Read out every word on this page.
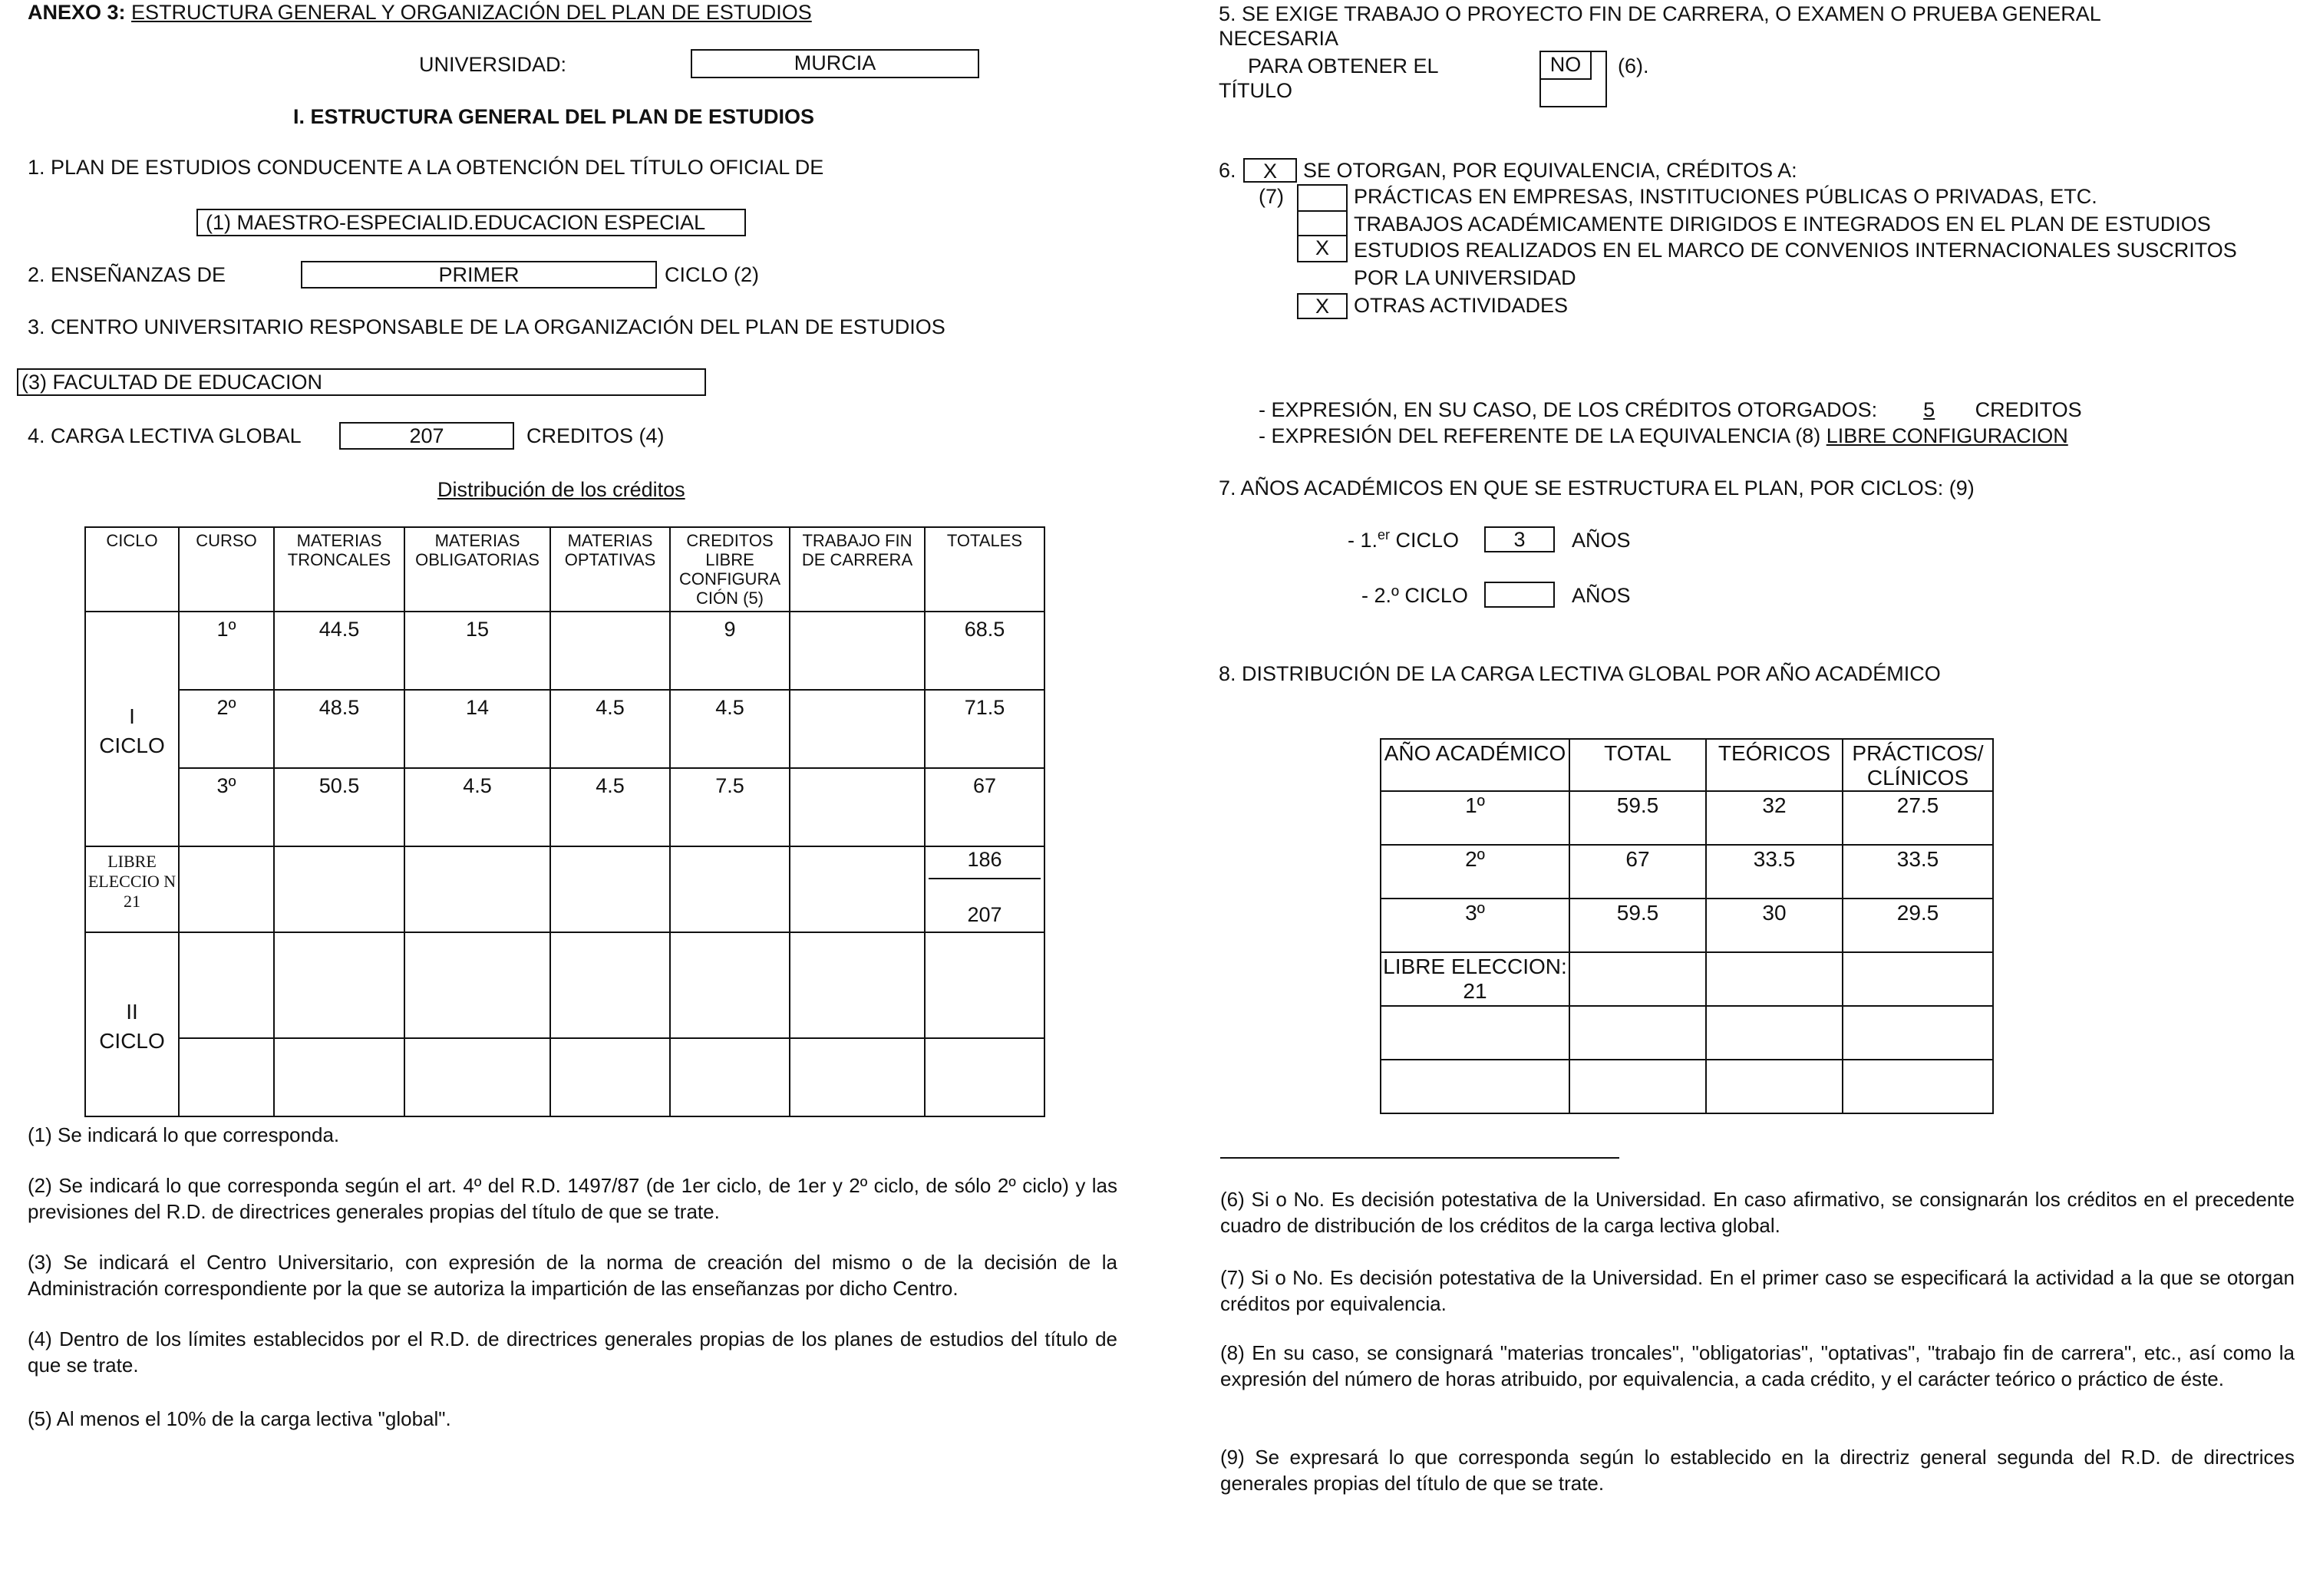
ANEXO 3: ESTRUCTURA GENERAL Y ORGANIZACIÓN DEL PLAN DE ESTUDIOS
UNIVERSIDAD:	MURCIA
I. ESTRUCTURA GENERAL DEL PLAN DE ESTUDIOS
1. PLAN DE ESTUDIOS CONDUCENTE A LA OBTENCIÓN DEL TÍTULO OFICIAL DE
(1) MAESTRO-ESPECIALID.EDUCACION ESPECIAL
2. ENSEÑANZAS DE	PRIMER	CICLO (2)
3. CENTRO UNIVERSITARIO RESPONSABLE DE LA ORGANIZACIÓN DEL PLAN DE ESTUDIOS
(3) FACULTAD DE EDUCACION
4. CARGA LECTIVA GLOBAL	207	CREDITOS (4)
Distribución de los créditos
CICLO	CURSO	MATERIAS TRONCALES	MATERIAS OBLIGATORIAS	MATERIAS OPTATIVAS	CREDITOS LIBRE CONFIGURA CIÓN (5)	TRABAJO FIN DE CARRERA	TOTALES

I
CICLO	1º	44.5	15		9		68.5
	2º	48.5	14	4.5	4.5		71.5
	3º	50.5	4.5	4.5	7.5		67
LIBRE ELECCIO N 21							186
207

II
CICLO							

(1) Se indicará lo que corresponda.
(2) Se indicará lo que corresponda según el art. 4º del R.D. 1497/87 (de 1er ciclo, de 1er y 2º ciclo, de sólo 2º ciclo) y las previsiones del R.D. de directrices generales propias del título de que se trate.
(3) Se indicará el Centro Universitario, con expresión de la norma de creación del mismo o de la decisión de la Administración correspondiente por la que se autoriza la impartición de las enseñanzas por dicho Centro.
(4) Dentro de los límites establecidos por el R.D. de directrices generales propias de los planes de estudios del título de que se trate.
(5) Al menos el 10% de la carga lectiva "global".
5. SE EXIGE TRABAJO O PROYECTO FIN DE CARRERA, O EXAMEN O PRUEBA GENERAL
NECESARIA
PARA OBTENER EL
TÍTULO
NO	(6).
6.	X	SE OTORGAN, POR EQUIVALENCIA, CRÉDITOS A:
(7)	PRÁCTICAS EN EMPRESAS, INSTITUCIONES PÚBLICAS O PRIVADAS, ETC.
TRABAJOS ACADÉMICAMENTE DIRIGIDOS E INTEGRADOS EN EL PLAN DE ESTUDIOS
X	ESTUDIOS REALIZADOS EN EL MARCO DE CONVENIOS INTERNACIONALES SUSCRITOS
POR LA UNIVERSIDAD
X	OTRAS ACTIVIDADES
- EXPRESIÓN, EN SU CASO, DE LOS CRÉDITOS OTORGADOS: 5 CREDITOS
- EXPRESIÓN DEL REFERENTE DE LA EQUIVALENCIA (8) LIBRE CONFIGURACION
7. AÑOS ACADÉMICOS EN QUE SE ESTRUCTURA EL PLAN, POR CICLOS: (9)
- 1.$^{er}$ CICLO	3	AÑOS
- 2.º CICLO	AÑOS
8. DISTRIBUCIÓN DE LA CARGA LECTIVA GLOBAL POR AÑO ACADÉMICO
AÑO ACADÉMICO	TOTAL	TEÓRICOS	PRÁCTICOS/ CLÍNICOS
1º	59.5	32	27.5
2º	67	33.5	33.5
3º	59.5	30	29.5
LIBRE ELECCION: 21			

(6) Si o No. Es decisión potestativa de la Universidad. En caso afirmativo, se consignarán los créditos en el precedente cuadro de distribución de los créditos de la carga lectiva global.
(7) Si o No. Es decisión potestativa de la Universidad. En el primer caso se especificará la actividad a la que se otorgan créditos por equivalencia.
(8) En su caso, se consignará "materias troncales", "obligatorias", "optativas", "trabajo fin de carrera", etc., así como la expresión del número de horas atribuido, por equivalencia, a cada crédito, y el carácter teórico o práctico de éste.
(9) Se expresará lo que corresponda según lo establecido en la directriz general segunda del R.D. de directrices generales propias del título de que se trate.
